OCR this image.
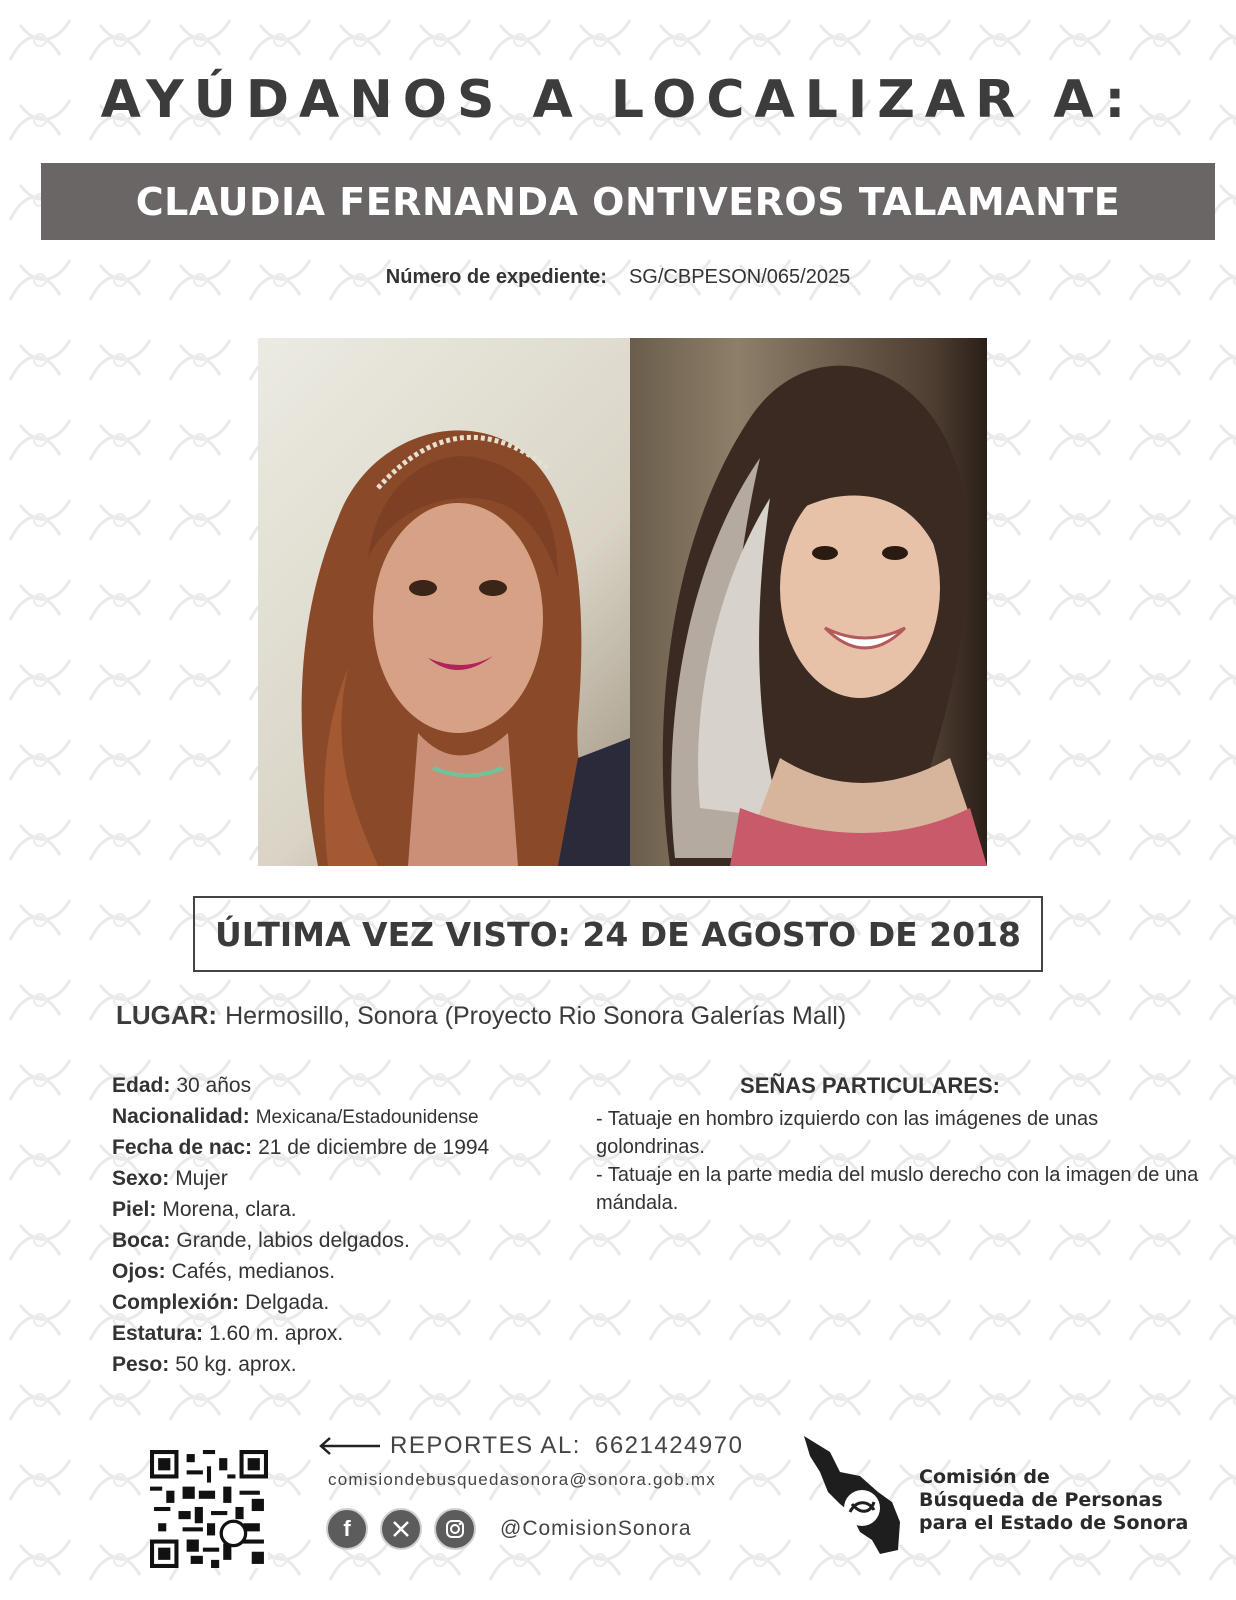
AYÚDANOS A LOCALIZAR A:
CLAUDIA FERNANDA ONTIVEROS TALAMANTE
Número de expediente: SG/CBPESON/065/2025
ÚLTIMA VEZ VISTO: 24 DE AGOSTO DE 2018
LUGAR: Hermosillo, Sonora (Proyecto Rio Sonora Galerías Mall)
Edad: 30 años
Nacionalidad: Mexicana/Estadounidense
Fecha de nac: 21 de diciembre de 1994
Sexo: Mujer
Piel: Morena, clara.
Boca: Grande, labios delgados.
Ojos: Cafés, medianos.
Complexión: Delgada.
Estatura: 1.60 m. aprox.
Peso: 50 kg. aprox.
SEÑAS PARTICULARES:
- Tatuaje en hombro izquierdo con las imágenes de unas golondrinas.
- Tatuaje en la parte media del muslo derecho con la imagen de una mándala.
REPORTES AL: 6621424970
comisiondebusquedasonora@sonora.gob.mx
f	@ComisionSonora
Comisión de
Búsqueda de Personas
para el Estado de Sonora
